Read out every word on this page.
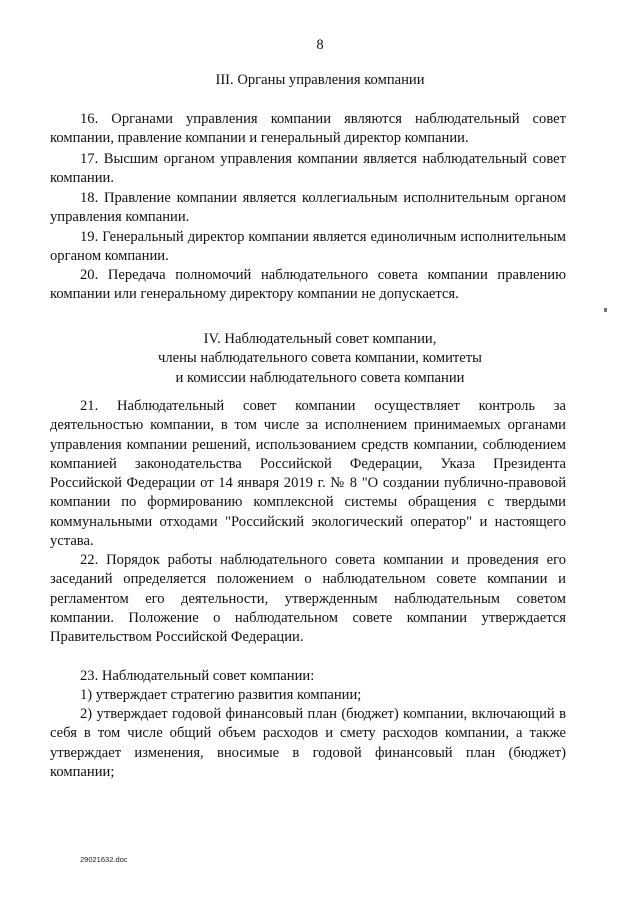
8
III. Органы управления компании
16. Органами управления компании являются наблюдательный совет компании, правление компании и генеральный директор компании.
17. Высшим органом управления компании является наблюдательный совет компании.
18. Правление компании является коллегиальным исполнительным органом управления компании.
19. Генеральный директор компании является единоличным исполнительным органом компании.
20. Передача полномочий наблюдательного совета компании правлению компании или генеральному директору компании не допускается.
IV. Наблюдательный совет компании,
члены наблюдательного совета компании, комитеты
и комиссии наблюдательного совета компании
21. Наблюдательный совет компании осуществляет контроль за деятельностью компании, в том числе за исполнением принимаемых органами управления компании решений, использованием средств компании, соблюдением компанией законодательства Российской Федерации, Указа Президента Российской Федерации от 14 января 2019 г. № 8 "О создании публично-правовой компании по формированию комплексной системы обращения с твердыми коммунальными отходами "Российский экологический оператор" и настоящего устава.
22. Порядок работы наблюдательного совета компании и проведения его заседаний определяется положением о наблюдательном совете компании и регламентом его деятельности, утвержденным наблюдательным советом компании. Положение о наблюдательном совете компании утверждается Правительством Российской Федерации.
23. Наблюдательный совет компании:
1) утверждает стратегию развития компании;
2) утверждает годовой финансовый план (бюджет) компании, включающий в себя в том числе общий объем расходов и смету расходов компании, а также утверждает изменения, вносимые в годовой финансовый план (бюджет) компании;
29021632.doc
